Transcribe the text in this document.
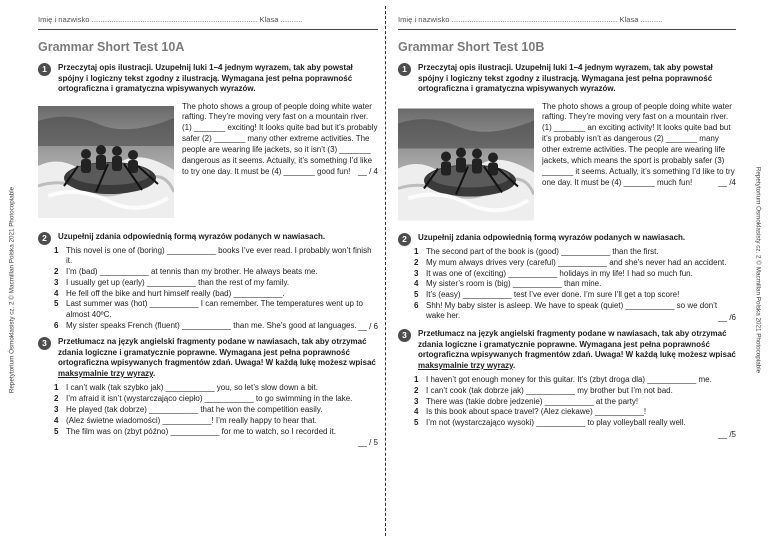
Repetytorium Ósmoklasisty cz. 2 © Macmillan Polska 2021 Photocopiable	Repetytorium Ósmoklasisty cz. 2 © Macmillan Polska 2021 Photocopiable
Imię i nazwisko ........................................................................... Klasa ..........
Grammar Short Test 10A
1	Przeczytaj opis ilustracji. Uzupełnij luki 1–4 jednym wyrazem, tak aby powstał spójny i logiczny tekst zgodny z ilustracją. Wymagana jest pełna poprawność ortograficzna i gramatyczna wpisywanych wyrazów.
The photo shows a group of people doing white water rafting. They’re moving very fast on a mountain river. (1) _______ exciting! It looks quite bad but it’s probably safer (2) _______ many other extreme activities. The people are wearing life jackets, so it isn’t (3) _______ dangerous as it seems. Actually, it’s something I’d like to try one day. It must be (4) _______ good fun! __ / 4
2	Uzupełnij zdania odpowiednią formą wyrazów podanych w nawiasach.
1 This novel is one of (boring) ___________ books I’ve ever read. I probably won’t finish it.
2 I’m (bad) ___________ at tennis than my brother. He always beats me.
3 I usually get up (early) ___________ than the rest of my family.
4 He fell off the bike and hurt himself really (bad) ___________.
5 Last summer was (hot) ___________ I can remember. The temperatures went up to almost 40ºC.
6 My sister speaks French (fluent) ___________ than me. She’s good at languages. __ / 6
3	Przetłumacz na język angielski fragmenty podane w nawiasach, tak aby otrzymać zdania logiczne i gramatycznie poprawne. Wymagana jest pełna poprawność ortograficzna wpisywanych fragmentów zdań. Uwaga! W każdą lukę możesz wpisać maksymalnie trzy wyrazy.
1 I can’t walk (tak szybko jak) ___________ you, so let’s slow down a bit.
2 I’m afraid it isn’t (wystarczająco ciepło) ___________ to go swimming in the lake.
3 He played (tak dobrze) ___________ that he won the competition easily.
4 (Alez świetne wiadomości) ___________! I’m really happy to hear that.
5 The film was on (zbyt późno) ___________ for me to watch, so I recorded it.
__ / 5
Imię i nazwisko ........................................................................... Klasa ..........
Grammar Short Test 10B
1	Przeczytaj opis ilustracji. Uzupełnij luki 1–4 jednym wyrazem, tak aby powstał spójny i logiczny tekst zgodny z ilustracją. Wymagana jest pełna poprawność ortograficzna i gramatyczna wpisywanych wyrazów.
The photo shows a group of people doing white water rafting. They’re moving very fast on a mountain river. (1) _______ an exciting activity! It looks quite bad but it’s probably isn’t as dangerous (2) _______ many other extreme activities. The people are wearing life jackets, which means the sport is probably safer (3) _______ it seems. Actually, it’s something I’d like to try one day. It must be (4) _______ much fun!	__ /4
2	Uzupełnij zdania odpowiednią formą wyrazów podanych w nawiasach.
1 The second part of the book is (good) ___________ than the first.
2 My mum always drives very (careful) ___________ and she’s never had an accident.
3 It was one of (exciting) ___________ holidays in my life! I had so much fun.
4 My sister’s room is (big) ___________ than mine.
5 It’s (easy) ___________ test I’ve ever done. I’m sure I’ll get a top score!
6 Shh! My baby sister is asleep. We have to speak (quiet) ___________ so we don’t wake her.	__ /6
3	Przetłumacz na język angielski fragmenty podane w nawiasach, tak aby otrzymać zdania logiczne i gramatycznie poprawne. Wymagana jest pełna poprawność ortograficzna wpisywanych fragmentów zdań. Uwaga! W każdą lukę możesz wpisać maksymalnie trzy wyrazy.
1 I haven’t got enough money for this guitar. It’s (zbyt droga dla) ___________ me.
2 I can’t cook (tak dobrze jak) ___________ my brother but I’m not bad.
3 There was (takie dobre jedzenie) ___________ at the party!
4 Is this book about space travel? (Alez ciekawe) ___________!
5 I’m not (wystarczająco wysoki) ___________ to play volleyball really well.
__ /5
